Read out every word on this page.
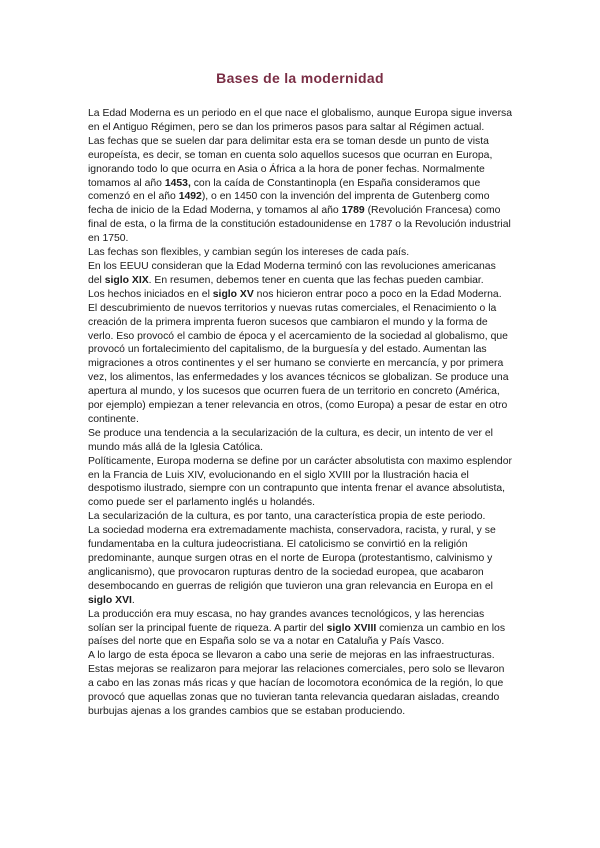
Bases de la modernidad

La Edad Moderna es un periodo en el que nace el globalismo, aunque Europa sigue inversa en el Antiguo Régimen, pero se dan los primeros pasos para saltar al Régimen actual.

Las fechas que se suelen dar para delimitar esta era se toman desde un punto de vista europeísta, es decir, se toman en cuenta solo aquellos sucesos que ocurran en Europa, ignorando todo lo que ocurra en Asia o África a la hora de poner fechas. Normalmente tomamos al año 1453, con la caída de Constantinopla (en España consideramos que comenzó en el año 1492), o en 1450 con la invención del imprenta de Gutenberg como fecha de inicio de la Edad Moderna, y tomamos al año 1789 (Revolución Francesa) como final de esta, o la firma de la constitución estadounidense en 1787 o la Revolución industrial en 1750.

Las fechas son flexibles, y cambian según los intereses de cada país.

En los EEUU consideran que la Edad Moderna terminó con las revoluciones americanas del siglo XIX. En resumen, debemos tener en cuenta que las fechas pueden cambiar.

Los hechos iniciados en el siglo XV nos hicieron entrar poco a poco en la Edad Moderna. El descubrimiento de nuevos territorios y nuevas rutas comerciales, el Renacimiento o la creación de la primera imprenta fueron sucesos que cambiaron el mundo y la forma de verlo. Eso provocó el cambio de época y el acercamiento de la sociedad al globalismo, que provocó un fortalecimiento del capitalismo, de la burguesía y del estado. Aumentan las migraciones a otros continentes y el ser humano se convierte en mercancía, y por primera vez, los alimentos, las enfermedades y los avances técnicos se globalizan. Se produce una apertura al mundo, y los sucesos que ocurren fuera de un territorio en concreto (América, por ejemplo) empiezan a tener relevancia en otros, (como Europa) a pesar de estar en otro continente.

Se produce una tendencia a la secularización de la cultura, es decir, un intento de ver el mundo más allá de la Iglesia Católica.

Políticamente, Europa moderna se define por un carácter absolutista con maximo esplendor en la Francia de Luis XIV, evolucionando en el siglo XVIII por la Ilustración hacia el despotismo ilustrado, siempre con un contrapunto que intenta frenar el avance absolutista, como puede ser el parlamento inglés u holandés.

La secularización de la cultura, es por tanto, una característica propia de este periodo.

La sociedad moderna era extremadamente machista, conservadora, racista, y rural, y se fundamentaba en la cultura judeocristiana. El catolicismo se convirtió en la religión predominante, aunque surgen otras en el norte de Europa (protestantismo, calvinismo y anglicanismo), que provocaron rupturas dentro de la sociedad europea, que acabaron desembocando en guerras de religión que tuvieron una gran relevancia en Europa en el siglo XVI.

La producción era muy escasa, no hay grandes avances tecnológicos, y las herencias solían ser la principal fuente de riqueza. A partir del siglo XVIII comienza un cambio en los países del norte que en España solo se va a notar en Cataluña y País Vasco.

A lo largo de esta época se llevaron a cabo una serie de mejoras en las infraestructuras. Estas mejoras se realizaron para mejorar las relaciones comerciales, pero solo se llevaron a cabo en las zonas más ricas y que hacían de locomotora económica de la región, lo que provocó que aquellas zonas que no tuvieran tanta relevancia quedaran aisladas, creando burbujas ajenas a los grandes cambios que se estaban produciendo.
